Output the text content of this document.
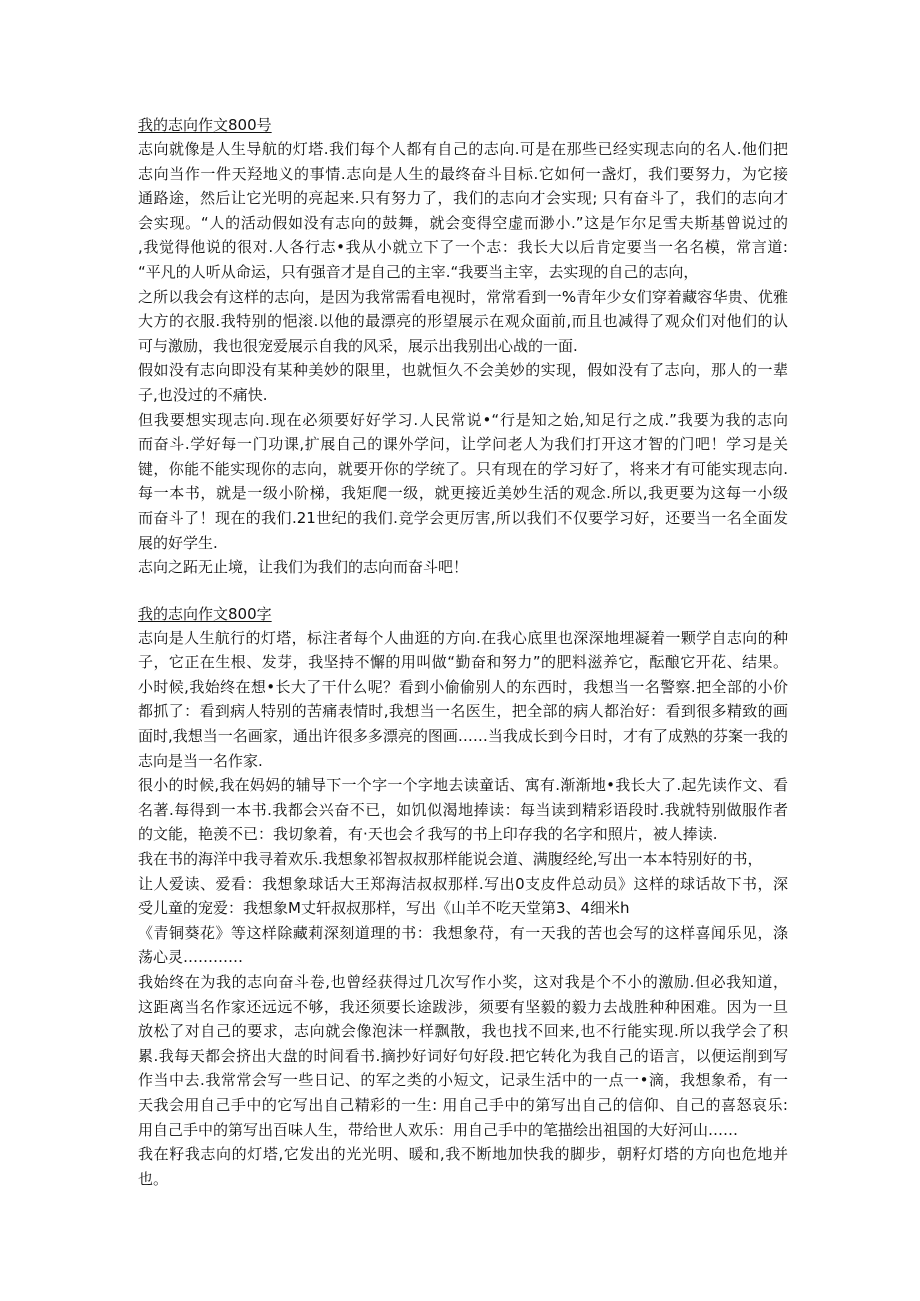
我的志向作文800号

志向就像是人生导航的灯塔.我们每个人都有自己的志向.可是在那些已经实现志向的名人.他们把

志向当作一件天羟地义的事情.志向是人生的最终奋斗目标.它如何一盏灯，我们要努力，为它接

通路途，然后让它光明的亮起来.只有努力了，我们的志向才会实现; 只有奋斗了，我们的志向才

会实现。“人的活动假如没有志向的鼓舞，就会变得空虚而渺小.”这是乍尔足雪夫斯基曾说过的

,我觉得他说的很对.人各行志•我从小就立下了一个志：我长大以后肯定要当一名名模，常言道:

“平凡的人听从命运，只有强音才是自己的主宰.“我要当主宰，去实现的自己的志向，

之所以我会有这样的志向，是因为我常需看电视时，常常看到一%青年少女们穿着藏容华贵、优雅

大方的衣服.我特别的悒滚.以他的最漂亮的形望展示在观众面前,而且也减得了观众们对他们的认

可与激励，我也很宠爱展示自我的风采，展示出我别出心战的一面.

假如没有志向即没有某种美妙的限里，也就恒久不会美妙的实现，假如没有了志向，那人的一辈

子,也没过的不痛快.

但我要想实现志向.现在必须要好好学习.人民常说•“行是知之始,知足行之成.”我要为我的志向

而奋斗.学好每一门功课,扩展自己的课外学问，让学问老人为我们打开这才智的门吧！学习是关

键，你能不能实现你的志向，就要开你的学统了。只有现在的学习好了，将来才有可能实现志向.

每一本书，就是一级小阶梯，我矩爬一级，就更接近美妙生活的观念.所以,我更要为这每一小级

而奋斗了！现在的我们.21世纪的我们.竞学会更厉害,所以我们不仅要学习好，还要当一名全面发

展的好学生.

志向之跖无止境，让我们为我们的志向而奋斗吧！

我的志向作文800字

志向是人生航行的灯塔，标注者每个人曲逛的方向.在我心底里也深深地埋凝着一颗学自志向的种

子，它正在生根、发芽，我坚持不懈的用叫做“勤奋和努力”的肥料滋养它，酝酿它开花、结果。

小时候,我始终在想•长大了干什么呢？看到小偷偷别人的东西时，我想当一名警察.把全部的小价

都抓了：看到病人特别的苦痛表情时,我想当一名医生，把全部的病人都治好：看到很多精致的画

面时,我想当一名画家，通出许很多多漂亮的图画……当我成长到今日时，才有了成熟的芬案一我的

志向是当一名作家.

很小的时候,我在妈妈的辅导下一个字一个字地去读童话、寓有.渐渐地•我长大了.起先读作文、看

名著.每得到一本书.我都会兴奋不已，如饥似渴地捧读：每当读到精彩语段时.我就特别做服作者

的文能，艳羡不已：我切象着，有·天也会彳我写的书上印存我的名字和照片，被人捧读.

我在书的海洋中我寻着欢乐.我想象祁智叔叔那样能说会道、满腹经纶,写出一本本特别好的书，

让人爱读、爱看：我想象球话大王郑海洁叔叔那样.写出0支皮件总动员》这样的球话故下书，深

受儿童的宠爱：我想象M丈轩叔叔那样，写出《山羊不吃天堂第3、4细米h

《青铜葵花》等这样除藏莉深刻道理的书：我想象苻，有一天我的苦也会写的这样喜闻乐见，涤

荡心灵…………

我始终在为我的志向奋斗卷,也曾经获得过几次写作小奖，这对我是个不小的激励.但必我知道，

这距离当名作家还远远不够，我还须要长途跋涉，须要有坚毅的毅力去战胜种种困难。因为一旦

放松了对自己的要求，志向就会像泡沫一样飘散，我也找不回来,也不行能实现.所以我学会了积

累.我每天都会挤出大盘的时间看书.摘抄好词好句好段.把它转化为我自己的语言，以便运削到写

作当中去.我常常会写一些日记、的军之类的小短文，记录生活中的一点一•滴，我想象希，有一

天我会用自己手中的它写出自己精彩的一生: 用自己手中的第写出自己的信仰、自己的喜怒哀乐:

用自己手中的第写出百味人生，带给世人欢乐：用自己手中的笔描绘出祖国的大好河山……

我在籽我志向的灯塔,它发出的光光明、暖和,我不断地加快我的脚步，朝籽灯塔的方向也危地并

也。
